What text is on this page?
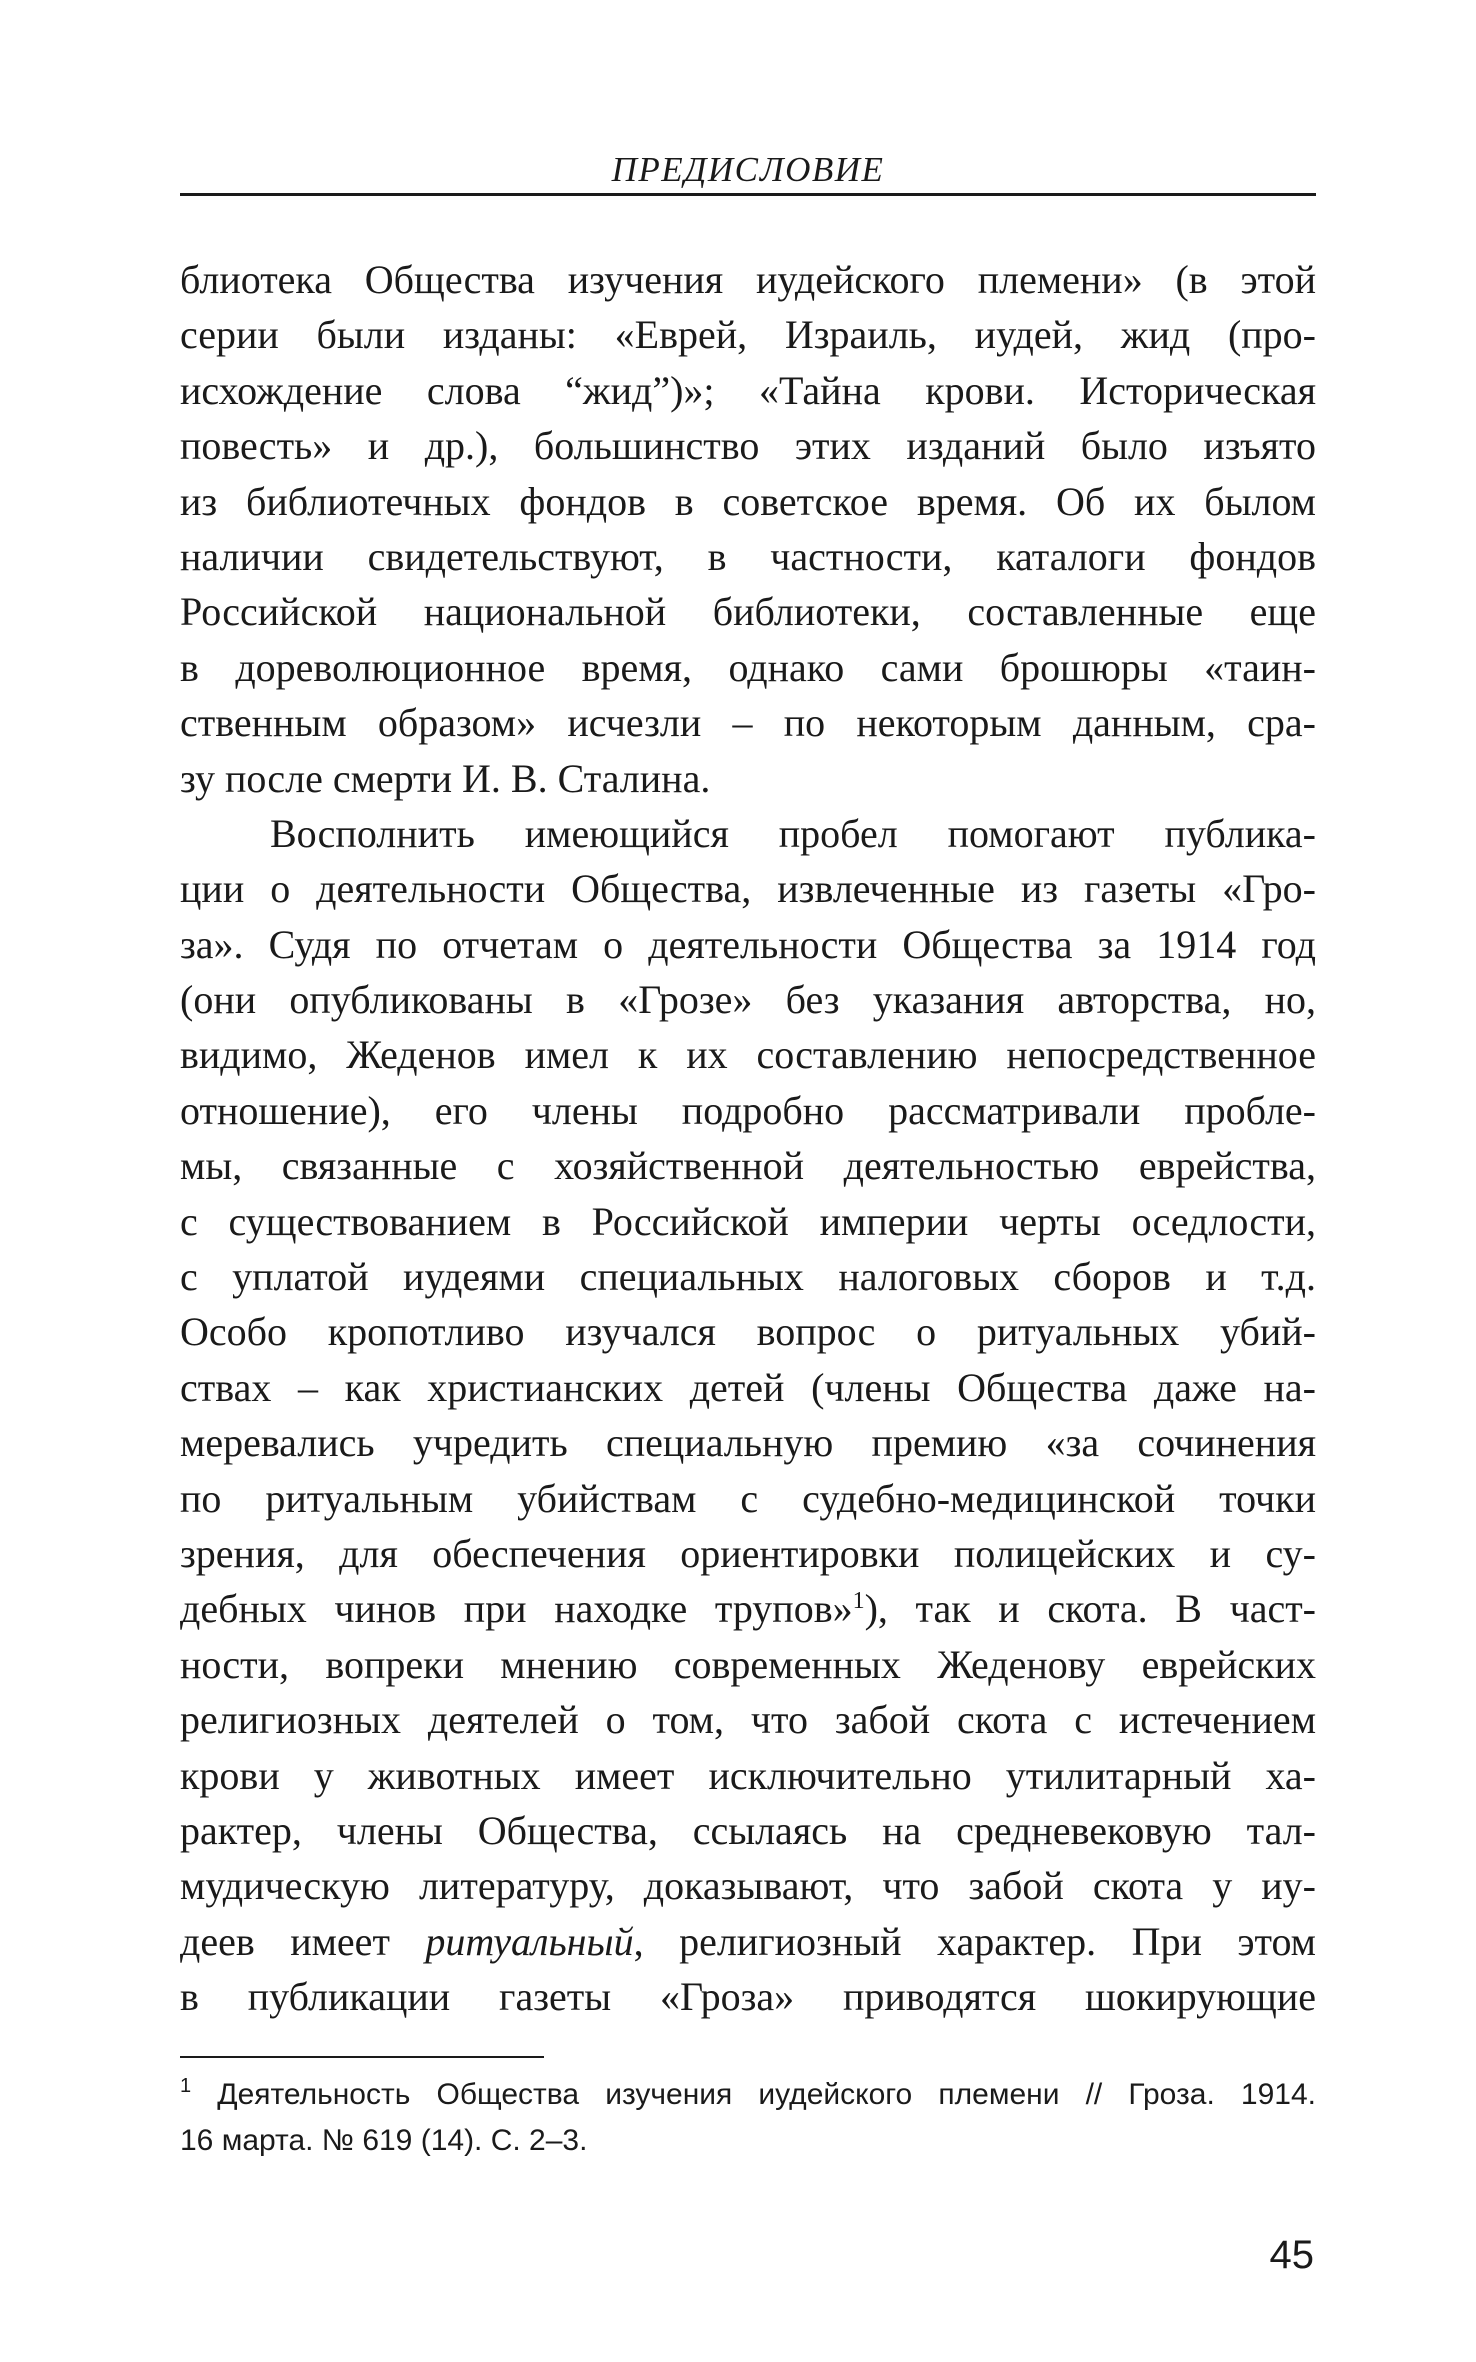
ПРЕДИСЛОВИЕ
блиотека Общества изучения иудейского племени» (в этой
серии были изданы: «Еврей, Израиль, иудей, жид (про-
исхождение слова “жид”)»; «Тайна крови. Историческая
повесть» и др.), большинство этих изданий было изъято
из библиотечных фондов в советское время. Об их былом
наличии свидетельствуют, в частности, каталоги фондов
Российской национальной библиотеки, составленные еще
в дореволюционное время, однако сами брошюры «таин-
ственным образом» исчезли – по некоторым данным, сра-
зу после смерти И. В. Сталина.
Восполнить имеющийся пробел помогают публика-
ции о деятельности Общества, извлеченные из газеты «Гро-
за». Судя по отчетам о деятельности Общества за 1914 год
(они опубликованы в «Грозе» без указания авторства, но,
видимо, Жеденов имел к их составлению непосредственное
отношение), его члены подробно рассматривали пробле-
мы, связанные с хозяйственной деятельностью еврейства,
с существованием в Российской империи черты оседлости,
с уплатой иудеями специальных налоговых сборов и т.д.
Особо кропотливо изучался вопрос о ритуальных убий-
ствах – как христианских детей (члены Общества даже на-
меревались учредить специальную премию «за сочинения
по ритуальным убийствам с судебно-медицинской точки
зрения, для обеспечения ориентировки полицейских и су-
дебных чинов при находке трупов»$^1$), так и скота. В част-
ности, вопреки мнению современных Жеденову еврейских
религиозных деятелей о том, что забой скота с истечением
крови у животных имеет исключительно утилитарный ха-
рактер, члены Общества, ссылаясь на средневековую тал-
мудическую литературу, доказывают, что забой скота у иу-
деев имеет ритуальный, религиозный характер. При этом
в публикации газеты «Гроза» приводятся шокирующие
$^1$ Деятельность Общества изучения иудейского племени // Гроза. 1914.
16 марта. № 619 (14). С. 2–3.
45
